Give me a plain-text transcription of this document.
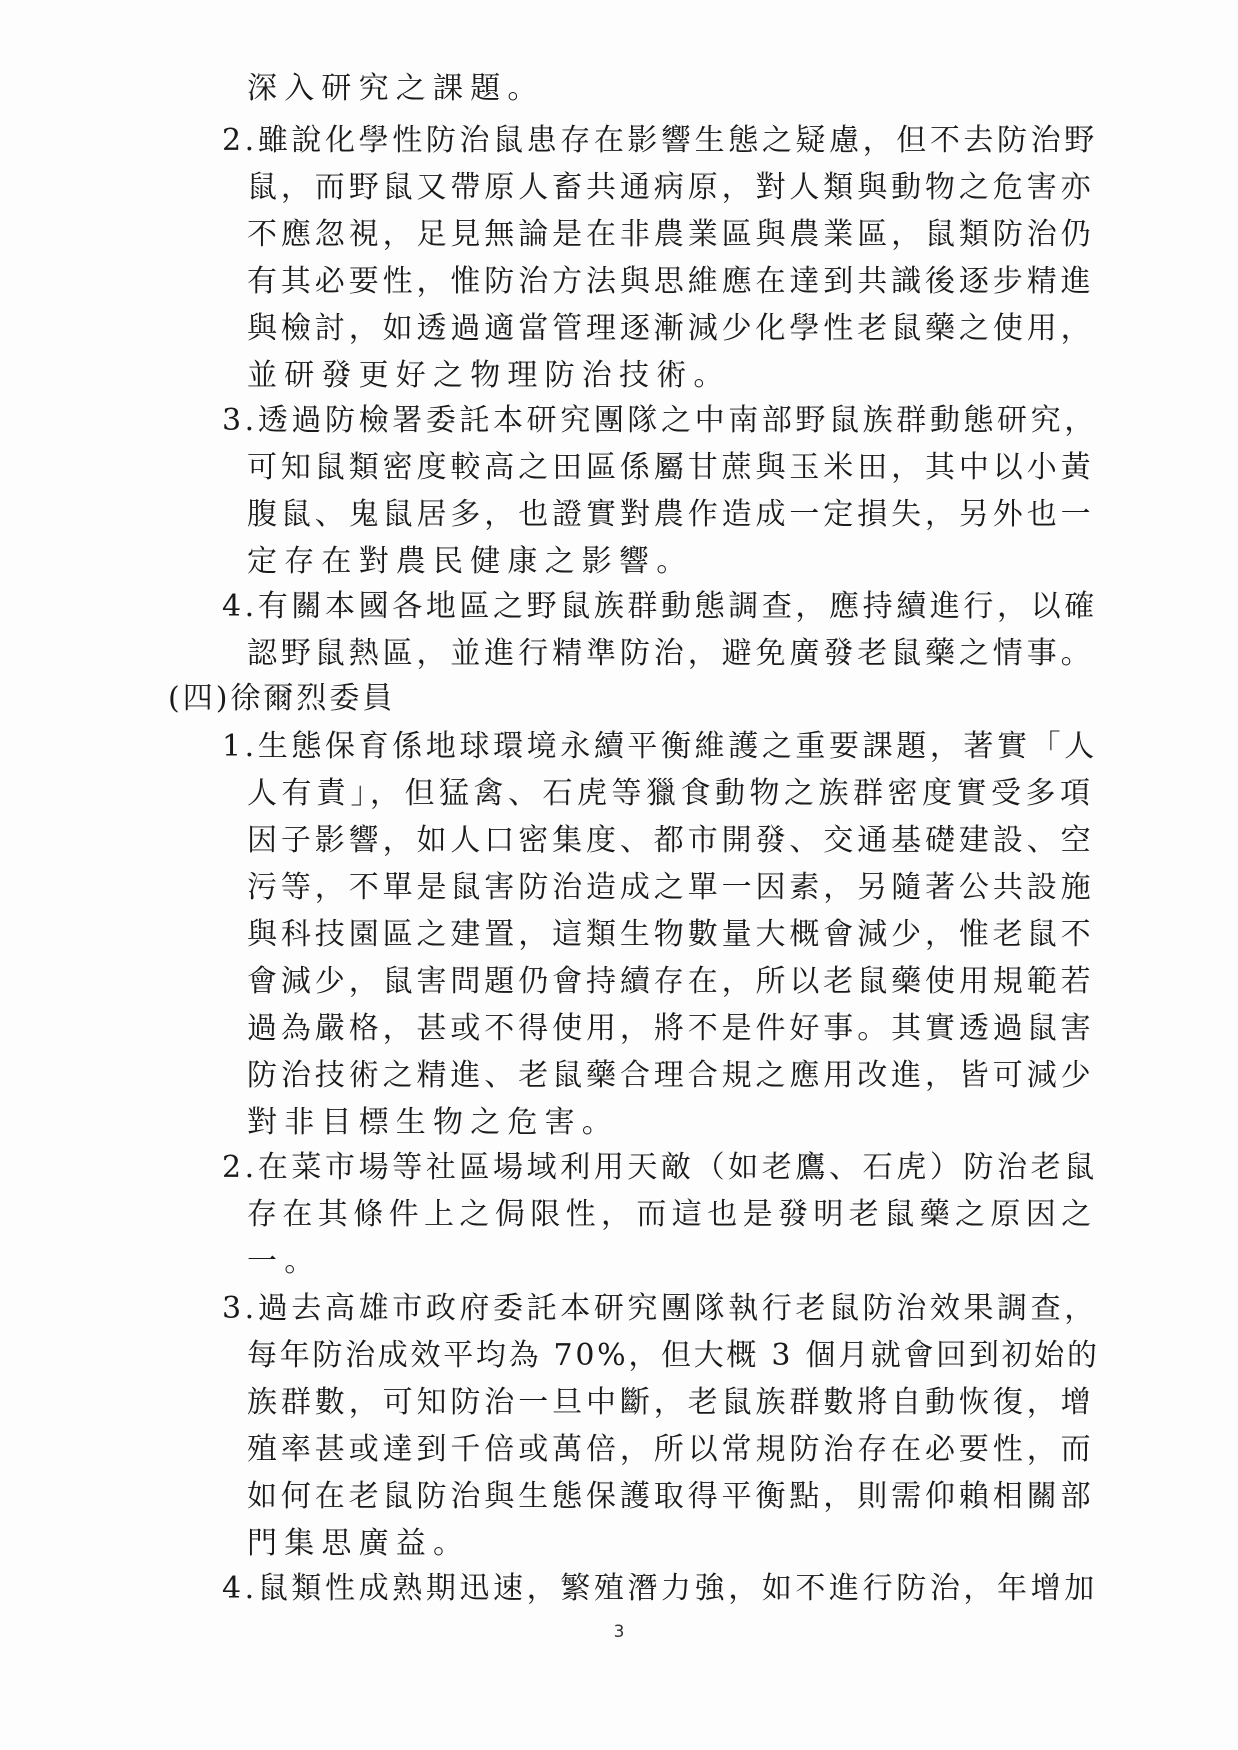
深入研究之課題。
2.雖說化學性防治鼠患存在影響生態之疑慮，但不去防治野
鼠，而野鼠又帶原人畜共通病原，對人類與動物之危害亦
不應忽視，足見無論是在非農業區與農業區，鼠類防治仍
有其必要性，惟防治方法與思維應在達到共識後逐步精進
與檢討，如透過適當管理逐漸減少化學性老鼠藥之使用，
並研發更好之物理防治技術。
3.透過防檢署委託本研究團隊之中南部野鼠族群動態研究，
可知鼠類密度較高之田區係屬甘蔗與玉米田，其中以小黃
腹鼠、鬼鼠居多，也證實對農作造成一定損失，另外也一
定存在對農民健康之影響。
4.有關本國各地區之野鼠族群動態調查，應持續進行，以確
認野鼠熱區，並進行精準防治，避免廣發老鼠藥之情事。
(四)徐爾烈委員
1.生態保育係地球環境永續平衡維護之重要課題，著實「人
人有責」，但猛禽、石虎等獵食動物之族群密度實受多項
因子影響，如人口密集度、都市開發、交通基礎建設、空
污等，不單是鼠害防治造成之單一因素，另隨著公共設施
與科技園區之建置，這類生物數量大概會減少，惟老鼠不
會減少，鼠害問題仍會持續存在，所以老鼠藥使用規範若
過為嚴格，甚或不得使用，將不是件好事。其實透過鼠害
防治技術之精進、老鼠藥合理合規之應用改進，皆可減少
對非目標生物之危害。
2.在菜市場等社區場域利用天敵（如老鷹、石虎）防治老鼠
存在其條件上之侷限性，而這也是發明老鼠藥之原因之
一。
3.過去高雄市政府委託本研究團隊執行老鼠防治效果調查，
每年防治成效平均為 70%，但大概 3 個月就會回到初始的
族群數，可知防治一旦中斷，老鼠族群數將自動恢復，增
殖率甚或達到千倍或萬倍，所以常規防治存在必要性，而
如何在老鼠防治與生態保護取得平衡點，則需仰賴相關部
門集思廣益。
4.鼠類性成熟期迅速，繁殖潛力強，如不進行防治，年增加
3
